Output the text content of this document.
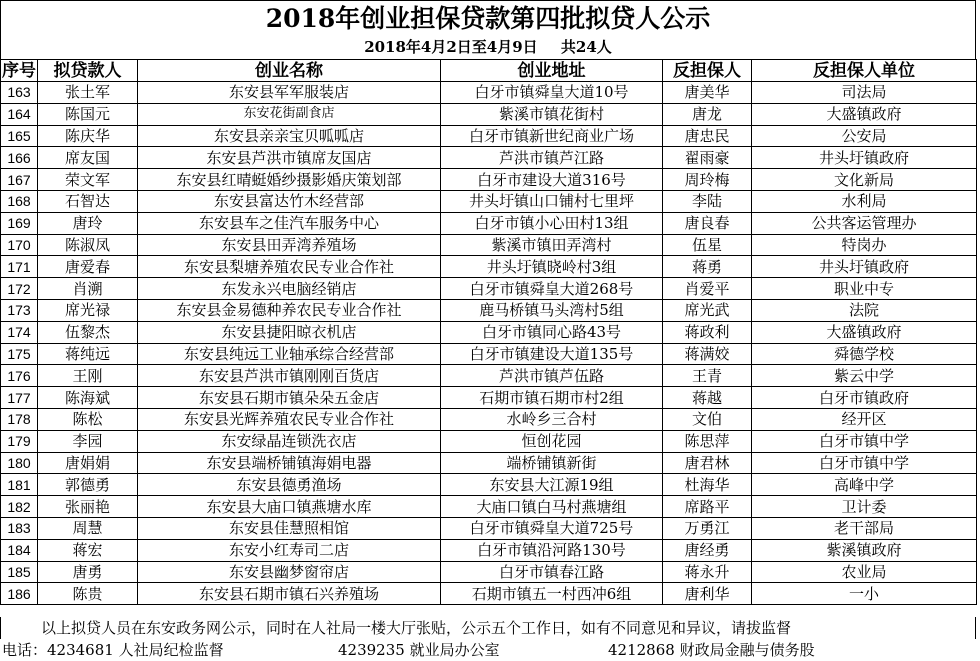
2018年创业担保贷款第四批拟贷人公示
2018年4月2日至4月9日 共24人
序号	拟贷款人	创业名称	创业地址	反担保人	反担保人单位
163	张土军	东安县军军服装店	白牙市镇舜皇大道10号	唐美华	司法局
164	陈国元	东安花街副食店	紫溪市镇花街村	唐龙	大盛镇政府
165	陈庆华	东安县亲亲宝贝呱呱店	白牙市镇新世纪商业广场	唐忠民	公安局
166	席友国	东安县芦洪市镇席友国店	芦洪市镇芦江路	翟雨豪	井头圩镇政府
167	荣文军	东安县红晴蜓婚纱摄影婚庆策划部	白牙市建设大道316号	周玲梅	文化新局
168	石智达	东安县富达竹木经营部	井头圩镇山口铺村七里坪	李陆	水利局
169	唐玲	东安县车之佳汽车服务中心	白牙市镇小心田村13组	唐良春	公共客运管理办
170	陈淑凤	东安县田弄湾养殖场	紫溪市镇田弄湾村	伍星	特岗办
171	唐爱春	东安县梨塘养殖农民专业合作社	井头圩镇晓岭村3组	蒋勇	井头圩镇政府
172	肖溯	东发永兴电脑经销店	白牙市镇舜皇大道268号	肖爱平	职业中专
173	席光禄	东安县金易德种养农民专业合作社	鹿马桥镇马头湾村5组	席光武	法院
174	伍黎杰	东安县捷阳晾衣机店	白牙市镇同心路43号	蒋政利	大盛镇政府
175	蒋纯远	东安县纯远工业轴承综合经营部	白牙市镇建设大道135号	蒋满姣	舜德学校
176	王刚	东安县芦洪市镇刚刚百货店	芦洪市镇芦伍路	王青	紫云中学
177	陈海斌	东安县石期市镇朵朵五金店	石期市镇石期市村2组	蒋越	白牙市镇政府
178	陈松	东安县光辉养殖农民专业合作社	水岭乡三合村	文伯	经开区
179	李园	东安绿晶连锁洗衣店	恒创花园	陈思萍	白牙市镇中学
180	唐娟娟	东安县端桥铺镇海娟电器	端桥铺镇新街	唐君林	白牙市镇中学
181	郭德勇	东安县德勇渔场	东安县大江源19组	杜海华	高峰中学
182	张丽艳	东安县大庙口镇燕塘水库	大庙口镇白马村燕塘组	席路平	卫计委
183	周慧	东安县佳慧照相馆	白牙市镇舜皇大道725号	万勇江	老干部局
184	蒋宏	东安小红寿司二店	白牙市镇沿河路130号	唐经勇	紫溪镇政府
185	唐勇	东安县幽梦窗帘店	白牙市镇春江路	蒋永升	农业局
186	陈贵	东安县石期市镇石兴养殖场	石期市镇五一村西冲6组	唐利华	一小
以上拟贷人员在东安政务网公示，同时在人社局一楼大厅张贴，公示五个工作日，如有不同意见和异议，请拔监督
电话：4234681 人社局纪检监督	4239235 就业局办公室	4212868 财政局金融与债务股
